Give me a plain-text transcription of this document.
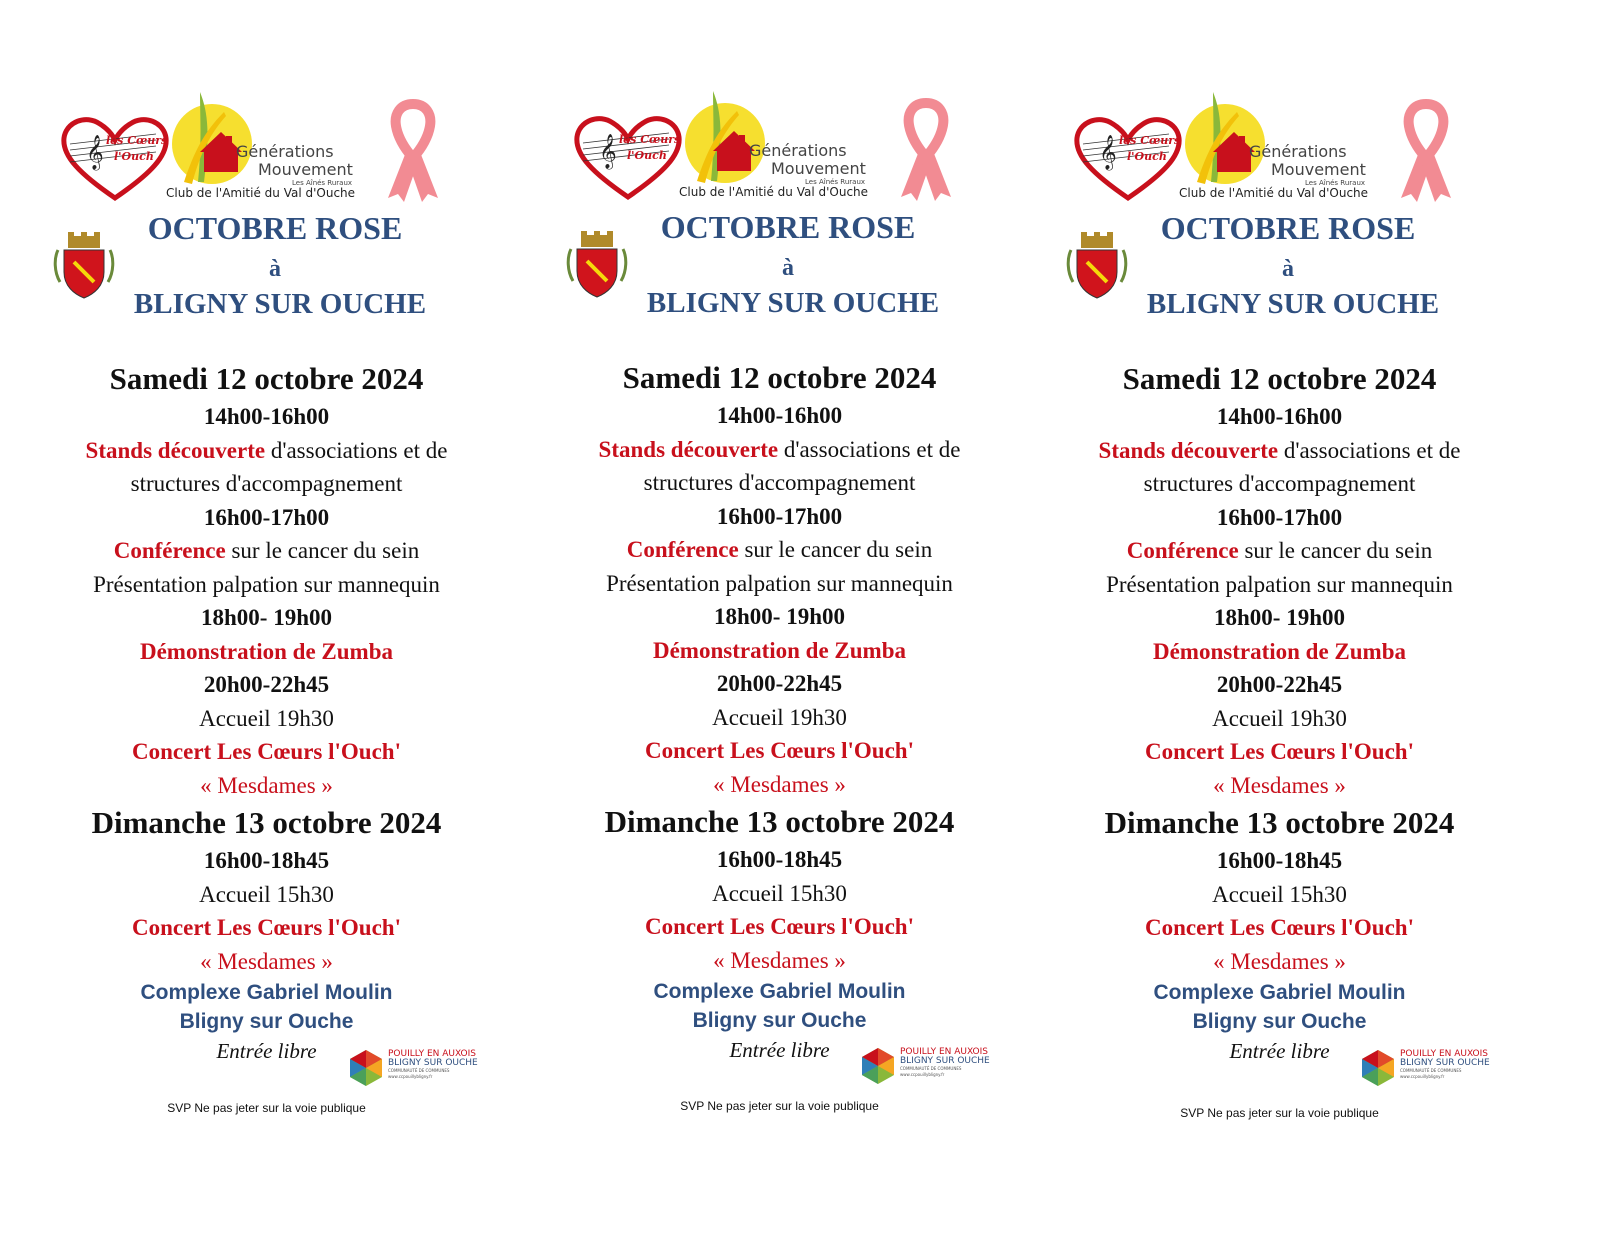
𝄞 les Cœurs
l'Ouch	Générations
Mouvement
Les Aînés Ruraux
Club de l'Amitié du Val d'Ouche
OCTOBRE ROSE
à
BLIGNY SUR OUCHE
Samedi 12 octobre 2024
14h00-16h00
Stands découverte d'associations et de
structures d'accompagnement
16h00-17h00
Conférence sur le cancer du sein
Présentation palpation sur mannequin
18h00- 19h00
Démonstration de Zumba
20h00-22h45
Accueil 19h30
Concert Les Cœurs l'Ouch'
« Mesdames »
Dimanche 13 octobre 2024
16h00-18h45
Accueil 15h30
Concert Les Cœurs l'Ouch'
« Mesdames »
Complexe Gabriel Moulin
Bligny sur Ouche
Entrée libre	POUILLY EN AUXOIS
BLIGNY SUR OUCHE
COMMUNAUTÉ DE COMMUNES
www.ccpouillybligny.fr
SVP Ne pas jeter sur la voie publique
𝄞 les Cœurs
l'Ouch	Générations
Mouvement
Les Aînés Ruraux
Club de l'Amitié du Val d'Ouche
OCTOBRE ROSE
à
BLIGNY SUR OUCHE
Samedi 12 octobre 2024
14h00-16h00
Stands découverte d'associations et de
structures d'accompagnement
16h00-17h00
Conférence sur le cancer du sein
Présentation palpation sur mannequin
18h00- 19h00
Démonstration de Zumba
20h00-22h45
Accueil 19h30
Concert Les Cœurs l'Ouch'
« Mesdames »
Dimanche 13 octobre 2024
16h00-18h45
Accueil 15h30
Concert Les Cœurs l'Ouch'
« Mesdames »
Complexe Gabriel Moulin
Bligny sur Ouche
Entrée libre	POUILLY EN AUXOIS
BLIGNY SUR OUCHE
COMMUNAUTÉ DE COMMUNES
www.ccpouillybligny.fr
SVP Ne pas jeter sur la voie publique
𝄞 les Cœurs
l'Ouch	Générations
Mouvement
Les Aînés Ruraux
Club de l'Amitié du Val d'Ouche
OCTOBRE ROSE
à
BLIGNY SUR OUCHE
Samedi 12 octobre 2024
14h00-16h00
Stands découverte d'associations et de
structures d'accompagnement
16h00-17h00
Conférence sur le cancer du sein
Présentation palpation sur mannequin
18h00- 19h00
Démonstration de Zumba
20h00-22h45
Accueil 19h30
Concert Les Cœurs l'Ouch'
« Mesdames »
Dimanche 13 octobre 2024
16h00-18h45
Accueil 15h30
Concert Les Cœurs l'Ouch'
« Mesdames »
Complexe Gabriel Moulin
Bligny sur Ouche
Entrée libre	POUILLY EN AUXOIS
BLIGNY SUR OUCHE
COMMUNAUTÉ DE COMMUNES
www.ccpouillybligny.fr
SVP Ne pas jeter sur la voie publique
